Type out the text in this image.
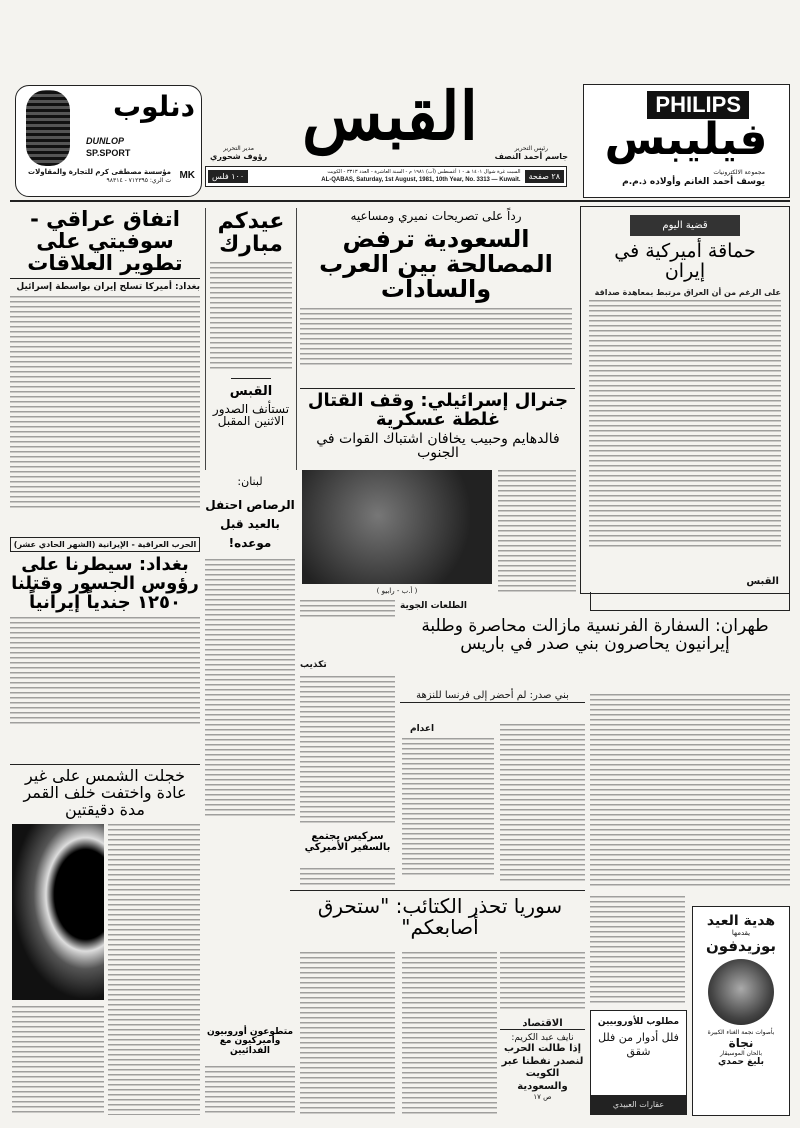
PHILIPS
فيليبس
مجموعة الالكترونيات
يوسف أحمد الغانم وأولاده ذ.م.م
رئيس التحرير
جاسم أحمد النصف
القبس
مدير التحرير
رؤوف شحوري
٢٨ صفحة
السبت غرة شوال ١٤٠١ هـ - ١ أغسطس (آب) ١٩٨١ م - السنة العاشرة - العدد ٣٣١٣ - الكويت
AL-QABAS, Saturday, 1st August, 1981, 10th Year, No. 3313 — Kuwait.
١٠٠ فلس
دنلوب
DUNLOP
SP.SPORT
مؤسسة مصطفى كرم للتجارة والمقاولات
ت الري: ٧١٢٣٩٥ - ٩٨٣١٤ MK
قضية اليوم
حماقة أميركية في إيران
على الرغم من أن العراق مرتبط بمعاهدة صداقة
القبس
رداً على تصريحات نميري ومساعيه
السعودية ترفض المصالحة بين العرب والسادات
عيدكم مبارك
القبس
تستأنف الصدور الاثنين المقبل
اتفاق عراقي - سوفيتي على تطوير العلاقات
بغداد: أميركا تسلح إيران بواسطة إسرائيل
الحرب العراقية - الإيرانية (الشهر الحادي عشر)
بغداد: سيطرنا على رؤوس الجسور وقتلنا ١٢٥٠ جندياً إيرانياً
خجلت الشمس على غير عادة واختفت خلف القمر مدة دقيقتين
جنرال إسرائيلي: وقف القتال غلطة عسكرية
فالدهايم وحبيب يخافان اشتباك القوات في الجنوب
( أ.ب - رابيو )
لبنان:
الرصاص احتفل بالعيد قبل موعده!
الطلعات الجوية
تكذيب
طهران: السفارة الفرنسية مازالت محاصرة وطلبة إيرانيون يحاصرون بني صدر في باريس
بني صدر: لم أحضر إلى فرنسا للنزهة
اعدام
سركيس يجتمع بالسفير الأميركي
سوريا تحذر الكتائب: "ستحرق أصابعكم"
متطوعون أوروبيون وأميركيون مع الفدائيين
الاقتصاد
نايف عبد الكريم:
إذا طالت الحرب لنصدر نفطنا عبر الكويت والسعودية
ص ١٧
مطلوب للأوروبيين
فلل أدوار من فلل شقق
عقارات العبيدي
هدية العيد
يقدمها
بوزيدفون
بأصوات نجمة الغناء الكبيرة
نجاة
بالحان الموسيقار
بليغ حمدي
